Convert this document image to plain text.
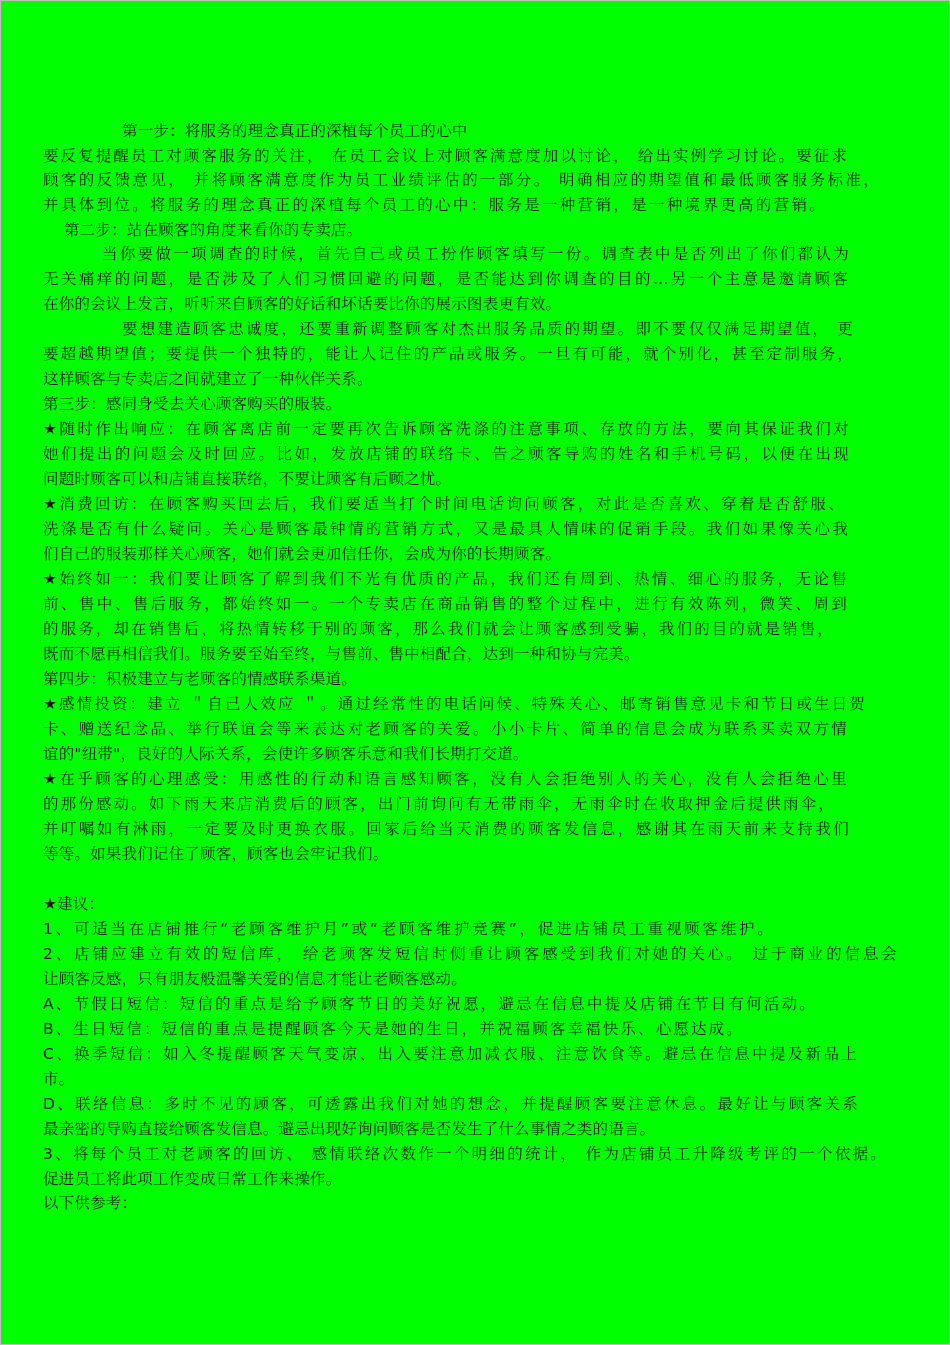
第一步：将服务的理念真正的深植每个员工的心中
要反复提醒员工对顾客服务的关注， 在员工会议上对顾客满意度加以讨论， 给出实例学习讨论。要征求
顾客的反馈意见， 并将顾客满意度作为员工业绩评估的一部分。 明确相应的期望值和最低顾客服务标准，
并具体到位。将服务的理念真正的深植每个员工的心中：服务是一种营销，是一种境界更高的营销。
第二步：站在顾客的角度来看你的专卖店。
当你要做一项调查的时候，首先自己或员工扮作顾客填写一份。调查表中是否列出了你们都认为
无关痛痒的问题，是否涉及了人们习惯回避的问题，是否能达到你调查的目的…另一个主意是邀请顾客
在你的会议上发言，听听来自顾客的好话和坏话要比你的展示图表更有效。
要想建造顾客忠诚度，还要重新调整顾客对杰出服务品质的期望。即不要仅仅满足期望值， 更
要超越期望值；要提供一个独特的，能让人记住的产品或服务。一旦有可能，就个别化，甚至定制服务，
这样顾客与专卖店之间就建立了一种伙伴关系。
第三步：感同身受去关心顾客购买的服装。
★随时作出响应：在顾客离店前一定要再次告诉顾客洗涤的注意事项、存放的方法，要向其保证我们对
她们提出的问题会及时回应。比如，发放店铺的联络卡、告之顾客导购的姓名和手机号码，以便在出现
问题时顾客可以和店铺直接联络，不要让顾客有后顾之忧。
★消费回访：在顾客购买回去后，我们要适当打个时间电话询问顾客，对此是否喜欢、穿着是否舒服、
洗涤是否有什么疑问。关心是顾客最钟情的营销方式，又是最具人情味的促销手段。我们如果像关心我
们自己的服装那样关心顾客，她们就会更加信任你，会成为你的长期顾客。
★始终如一：我们要让顾客了解到我们不光有优质的产品，我们还有周到、热情、细心的服务，无论售
前、售中、售后服务，都始终如一。一个专卖店在商品销售的整个过程中，进行有效陈列，微笑、周到
的服务，却在销售后，将热情转移于别的顾客，那么我们就会让顾客感到受骗，我们的目的就是销售，
既而不愿再相信我们。服务要至始至终，与售前、售中相配合，达到一种和协与完美。
第四步：积极建立与老顾客的情感联系渠道。
★感情投资：建立 ＂自己人效应 ＂。通过经常性的电话问候、特殊关心、邮寄销售意见卡和节日或生日贺
卡、赠送纪念品、举行联谊会等来表达对老顾客的关爱。小小卡片、简单的信息会成为联系买卖双方情
谊的"纽带"，良好的人际关系，会使许多顾客乐意和我们长期打交道。
★在乎顾客的心理感受：用感性的行动和语言感知顾客，没有人会拒绝别人的关心，没有人会拒绝心里
的那份感动。如下雨天来店消费后的顾客，出门前询问有无带雨伞，无雨伞时在收取押金后提供雨伞，
并叮嘱如有淋雨，一定要及时更换衣服。回家后给当天消费的顾客发信息，感谢其在雨天前来支持我们
等等。如果我们记住了顾客，顾客也会牢记我们。
★建议：
1、可适当在店铺推行“老顾客维护月”或“老顾客维护竞赛”，促进店铺员工重视顾客维护。
2、店铺应建立有效的短信库， 给老顾客发短信时侧重让顾客感受到我们对她的关心。 过于商业的信息会
让顾客反感，只有朋友般温馨关爱的信息才能让老顾客感动。
A、节假日短信：短信的重点是给予顾客节日的美好祝愿，避忌在信息中提及店铺在节日有何活动。
B、生日短信：短信的重点是提醒顾客今天是她的生日，并祝福顾客幸福快乐、心愿达成。
C、换季短信：如入冬提醒顾客天气变凉、出入要注意加减衣服、注意饮食等。避忌在信息中提及新品上
市。
D、联络信息：多时不见的顾客，可透露出我们对她的想念，并提醒顾客要注意休息。最好让与顾客关系
最亲密的导购直接给顾客发信息。避忌出现好询问顾客是否发生了什么事情之类的语言。
3、将每个员工对老顾客的回访、 感情联络次数作一个明细的统计， 作为店铺员工升降级考评的一个依据。
促进员工将此项工作变成日常工作来操作。
以下供参考：
